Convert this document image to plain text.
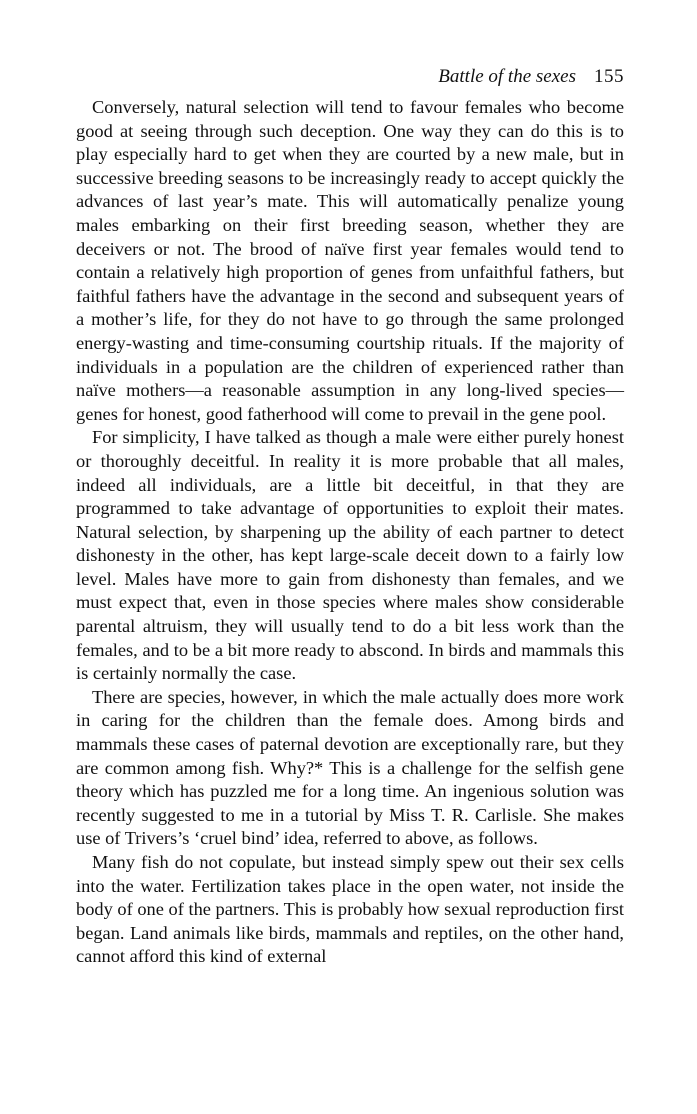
Battle of the sexes 155

Conversely, natural selection will tend to favour females who become good at seeing through such deception. One way they can do this is to play especially hard to get when they are courted by a new male, but in successive breeding seasons to be increasingly ready to accept quickly the advances of last year’s mate. This will automatically penalize young males embarking on their first breeding season, whether they are deceivers or not. The brood of naïve first year females would tend to contain a relatively high proportion of genes from unfaithful fathers, but faithful fathers have the advantage in the second and subsequent years of a mother’s life, for they do not have to go through the same prolonged energy-wasting and time-consuming courtship rituals. If the majority of individuals in a population are the children of experienced rather than naïve mothers—a reasonable assumption in any long-lived species—genes for honest, good fatherhood will come to prevail in the gene pool.

For simplicity, I have talked as though a male were either purely honest or thoroughly deceitful. In reality it is more probable that all males, indeed all individuals, are a little bit deceitful, in that they are programmed to take advantage of opportunities to exploit their mates. Natural selection, by sharpening up the ability of each partner to detect dishonesty in the other, has kept large-scale deceit down to a fairly low level. Males have more to gain from dishonesty than females, and we must expect that, even in those species where males show considerable parental altruism, they will usually tend to do a bit less work than the females, and to be a bit more ready to abscond. In birds and mammals this is certainly normally the case.

There are species, however, in which the male actually does more work in caring for the children than the female does. Among birds and mammals these cases of paternal devotion are exceptionally rare, but they are common among fish. Why?* This is a challenge for the selfish gene theory which has puzzled me for a long time. An ingenious solution was recently suggested to me in a tutorial by Miss T. R. Carlisle. She makes use of Trivers’s ‘cruel bind’ idea, referred to above, as follows.

Many fish do not copulate, but instead simply spew out their sex cells into the water. Fertilization takes place in the open water, not inside the body of one of the partners. This is probably how sexual reproduction first began. Land animals like birds, mammals and reptiles, on the other hand, cannot afford this kind of external
